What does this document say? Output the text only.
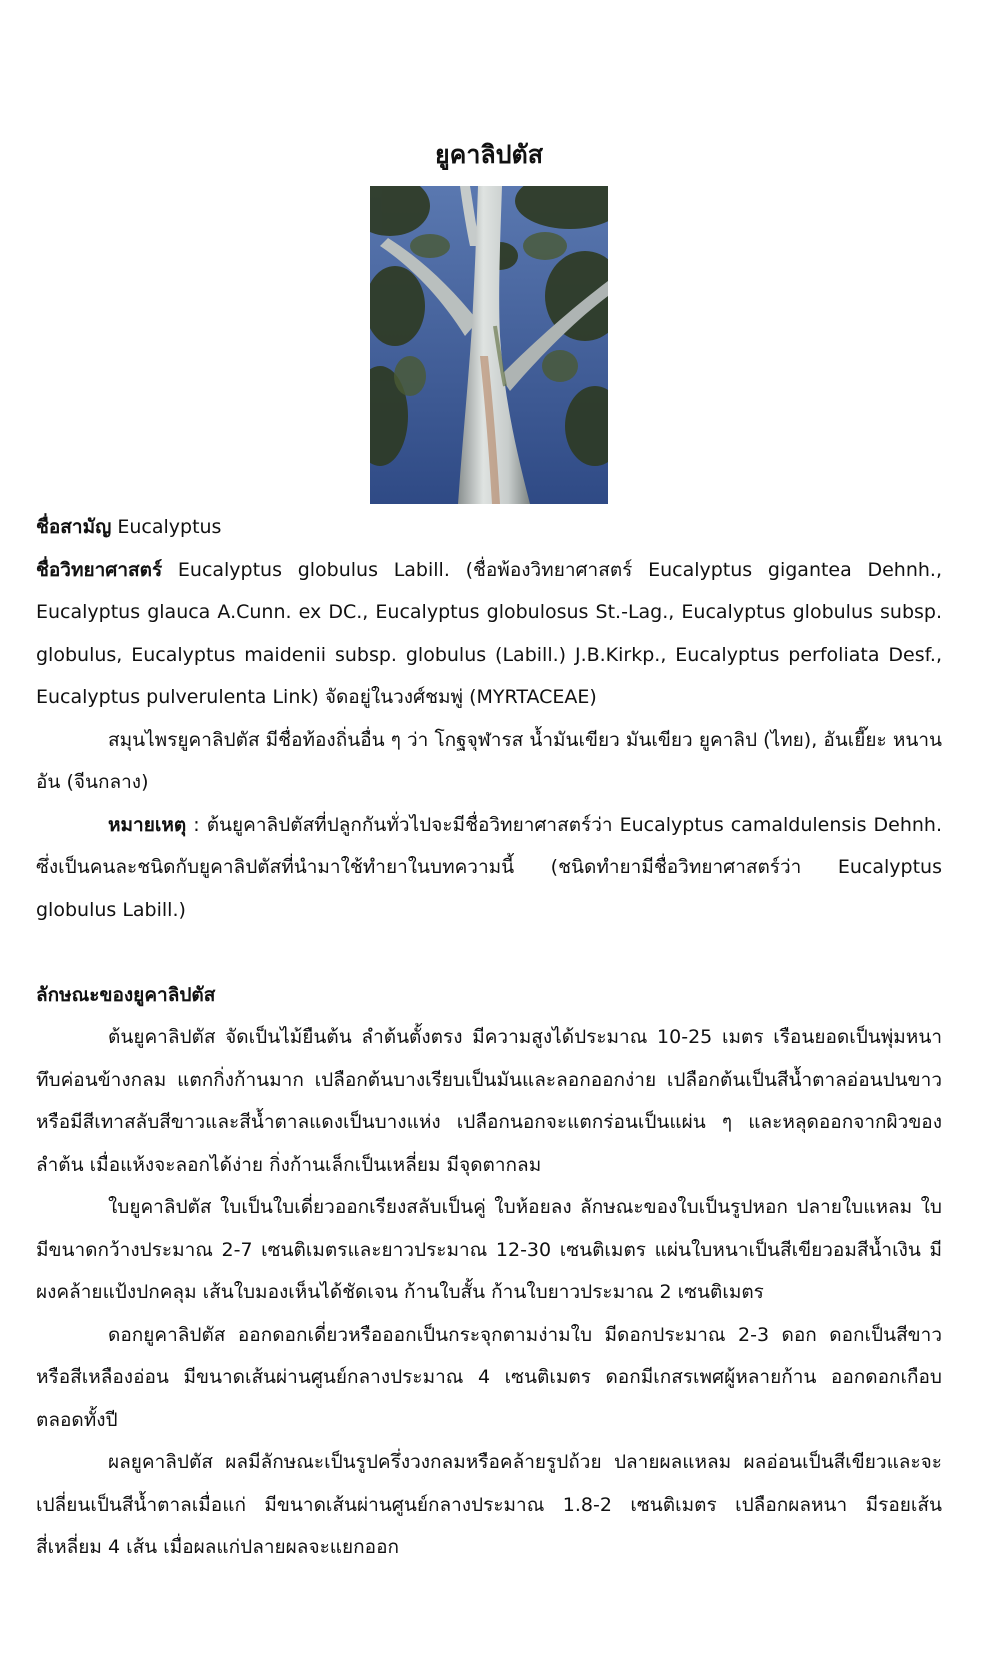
ยูคาลิปตัส

ชื่อสามัญ Eucalyptus

ชื่อวิทยาศาสตร์ Eucalyptus globulus Labill. (ชื่อพ้องวิทยาศาสตร์ Eucalyptus gigantea Dehnh., Eucalyptus glauca A.Cunn. ex DC., Eucalyptus globulosus St.-Lag., Eucalyptus globulus subsp. globulus, Eucalyptus maidenii subsp. globulus (Labill.) J.B.Kirkp., Eucalyptus perfoliata Desf., Eucalyptus pulverulenta Link) จัดอยู่ในวงศ์ชมพู่ (MYRTACEAE)

สมุนไพรยูคาลิปตัส มีชื่อท้องถิ่นอื่น ๆ ว่า โกฐจุฬารส น้ำมันเขียว มันเขียว ยูคาลิป (ไทย), อันเยี๊ยะ หนานอัน (จีนกลาง)

หมายเหตุ : ต้นยูคาลิปตัสที่ปลูกกันทั่วไปจะมีชื่อวิทยาศาสตร์ว่า Eucalyptus camaldulensis Dehnh. ซึ่งเป็นคนละชนิดกับยูคาลิปตัสที่นำมาใช้ทำยาในบทความนี้ (ชนิดทำยามีชื่อวิทยาศาสตร์ว่า Eucalyptus globulus Labill.)

ลักษณะของยูคาลิปตัส

ต้นยูคาลิปตัส จัดเป็นไม้ยืนต้น ลำต้นตั้งตรง มีความสูงได้ประมาณ 10-25 เมตร เรือนยอดเป็นพุ่มหนาทึบค่อนข้างกลม แตกกิ่งก้านมาก เปลือกต้นบางเรียบเป็นมันและลอกออกง่าย เปลือกต้นเป็นสีน้ำตาลอ่อนปนขาว หรือมีสีเทาสลับสีขาวและสีน้ำตาลแดงเป็นบางแห่ง เปลือกนอกจะแตกร่อนเป็นแผ่น ๆ และหลุดออกจากผิวของลำต้น เมื่อแห้งจะลอกได้ง่าย กิ่งก้านเล็กเป็นเหลี่ยม มีจุดตากลม

ใบยูคาลิปตัส ใบเป็นใบเดี่ยวออกเรียงสลับเป็นคู่ ใบห้อยลง ลักษณะของใบเป็นรูปหอก ปลายใบแหลม ใบมีขนาดกว้างประมาณ 2-7 เซนติเมตรและยาวประมาณ 12-30 เซนติเมตร แผ่นใบหนาเป็นสีเขียวอมสีน้ำเงิน มีผงคล้ายแป้งปกคลุม เส้นใบมองเห็นได้ชัดเจน ก้านใบสั้น ก้านใบยาวประมาณ 2 เซนติเมตร

ดอกยูคาลิปตัส ออกดอกเดี่ยวหรือออกเป็นกระจุกตามง่ามใบ มีดอกประมาณ 2-3 ดอก ดอกเป็นสีขาวหรือสีเหลืองอ่อน มีขนาดเส้นผ่านศูนย์กลางประมาณ 4 เซนติเมตร ดอกมีเกสรเพศผู้หลายก้าน ออกดอกเกือบตลอดทั้งปี

ผลยูคาลิปตัส ผลมีลักษณะเป็นรูปครึ่งวงกลมหรือคล้ายรูปถ้วย ปลายผลแหลม ผลอ่อนเป็นสีเขียวและจะเปลี่ยนเป็นสีน้ำตาลเมื่อแก่ มีขนาดเส้นผ่านศูนย์กลางประมาณ 1.8-2 เซนติเมตร เปลือกผลหนา มีรอยเส้นสี่เหลี่ยม 4 เส้น เมื่อผลแก่ปลายผลจะแยกออก
